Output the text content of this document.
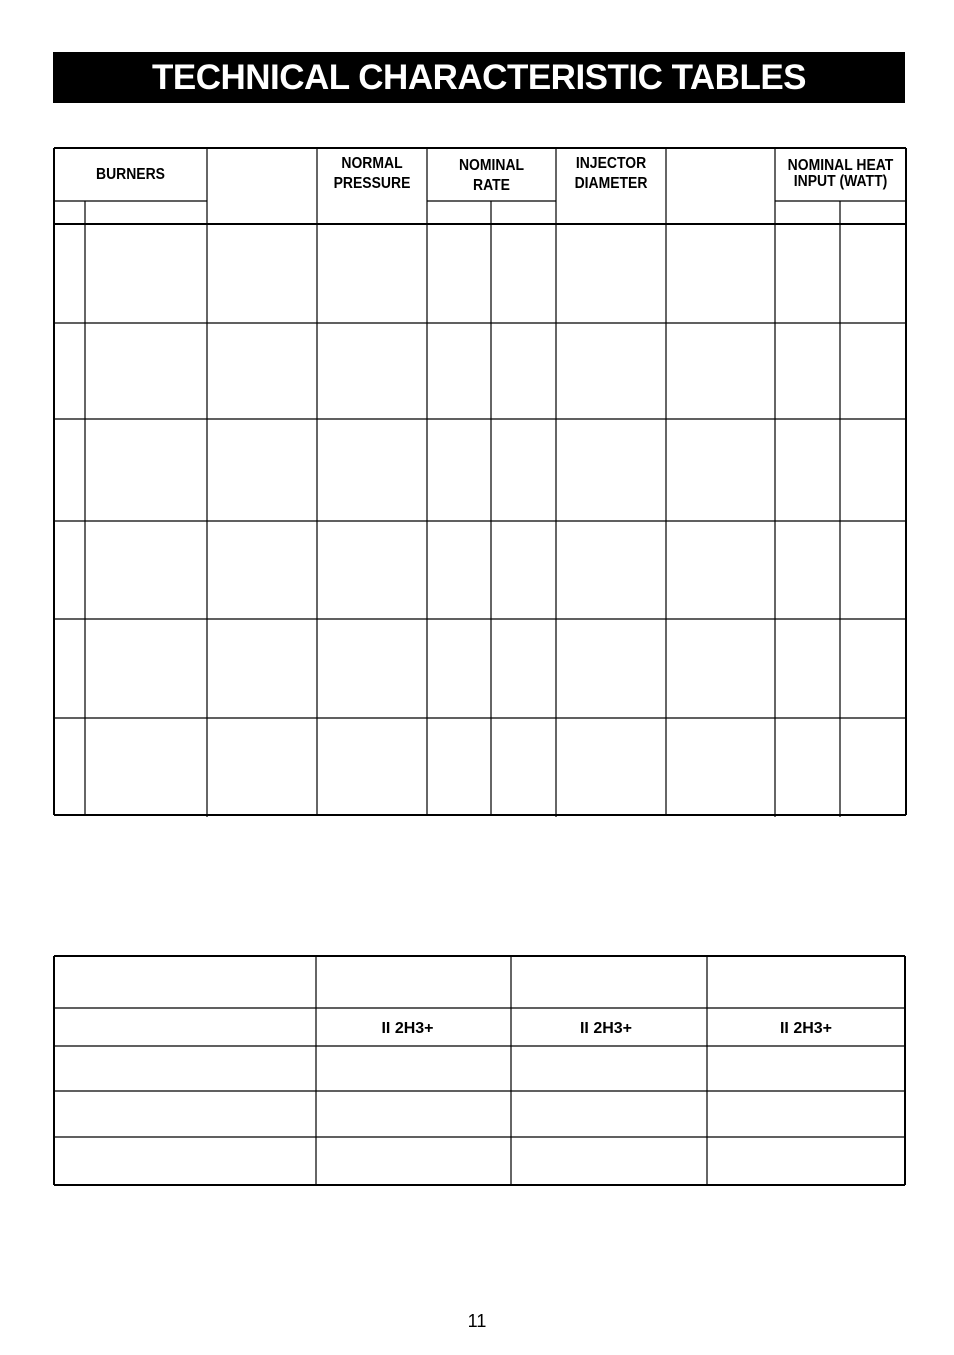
TECHNICAL CHARACTERISTIC TABLES
BURNERS
NORMAL
PRESSURE
NOMINAL
RATE
INJECTOR
DIAMETER
NOMINAL HEAT
INPUT (WATT)
II 2H3+	II 2H3+	II 2H3+
11
